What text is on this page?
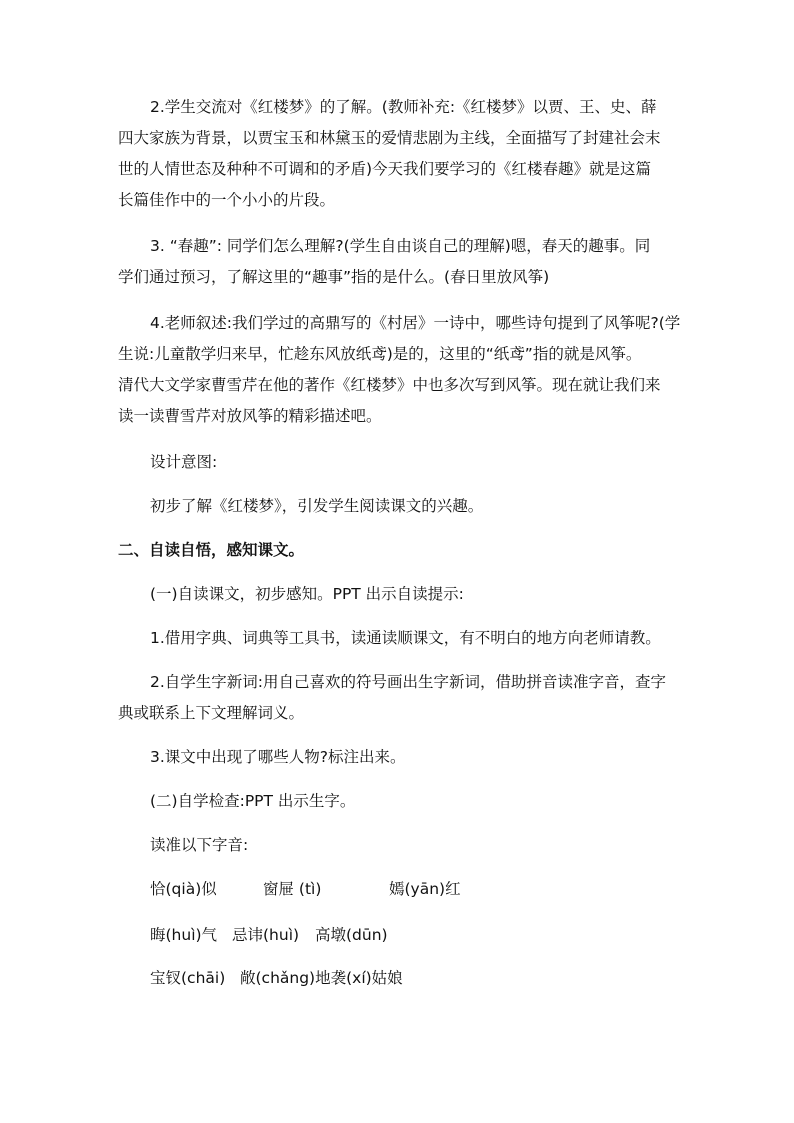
2.学生交流对《红楼梦》的了解。(教师补充:《红楼梦》以贾、王、史、薛
四大家族为背景，以贾宝玉和林黛玉的爱情悲剧为主线，全面描写了封建社会末
世的人情世态及种种不可调和的矛盾)今天我们要学习的《红楼春趣》就是这篇
长篇佳作中的一个小小的片段。
3. “春趣”: 同学们怎么理解?(学生自由谈自己的理解)嗯，春天的趣事。同
学们通过预习，了解这里的“趣事”指的是什么。(春日里放风筝)
4.老师叙述:我们学过的高鼎写的《村居》一诗中，哪些诗句提到了风筝呢?(学
生说:儿童散学归来早，忙趁东风放纸鸢)是的，这里的“纸鸢”指的就是风筝。
清代大文学家曹雪芹在他的著作《红楼梦》中也多次写到风筝。现在就让我们来
读一读曹雪芹对放风筝的精彩描述吧。
设计意图:
初步了解《红楼梦》，引发学生阅读课文的兴趣。
二、自读自悟，感知课文。
(一)自读课文，初步感知。PPT 出示自读提示:
1.借用字典、词典等工具书，读通读顺课文，有不明白的地方向老师请教。
2.自学生字新词:用自己喜欢的符号画出生字新词，借助拼音读准字音，查字
典或联系上下文理解词义。
3.课文中出现了哪些人物?标注出来。
(二)自学检查:PPT 出示生字。
读准以下字音:
恰(qià)似	窗屉 (tì)	嫣(yān)红
晦(huì)气 忌讳(huì) 高墩(dūn)
宝钗(chāi) 敞(chǎng)地袭(xí)姑娘
